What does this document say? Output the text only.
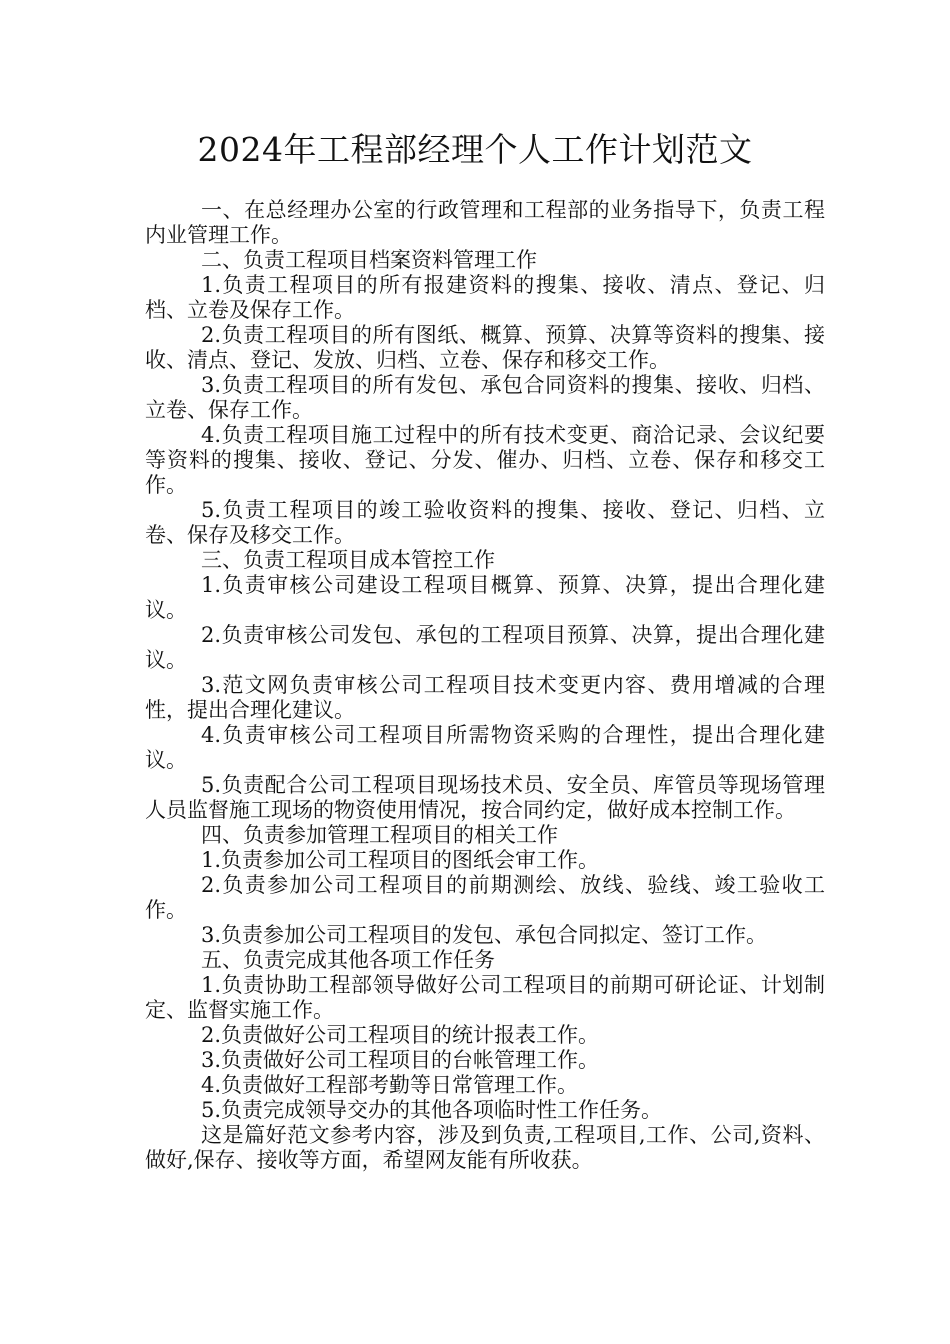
2024年工程部经理个人工作计划范文

一、在总经理办公室的行政管理和工程部的业务指导下，负责工程内业管理工作。

二、负责工程项目档案资料管理工作

1.负责工程项目的所有报建资料的搜集、接收、清点、登记、归档、立卷及保存工作。

2.负责工程项目的所有图纸、概算、预算、决算等资料的搜集、接收、清点、登记、发放、归档、立卷、保存和移交工作。

3.负责工程项目的所有发包、承包合同资料的搜集、接收、归档、立卷、保存工作。

4.负责工程项目施工过程中的所有技术变更、商洽记录、会议纪要等资料的搜集、接收、登记、分发、催办、归档、立卷、保存和移交工作。

5.负责工程项目的竣工验收资料的搜集、接收、登记、归档、立卷、保存及移交工作。

三、负责工程项目成本管控工作

1.负责审核公司建设工程项目概算、预算、决算，提出合理化建议。

2.负责审核公司发包、承包的工程项目预算、决算，提出合理化建议。

3.范文网负责审核公司工程项目技术变更内容、费用增减的合理性，提出合理化建议。

4.负责审核公司工程项目所需物资采购的合理性，提出合理化建议。

5.负责配合公司工程项目现场技术员、安全员、库管员等现场管理人员监督施工现场的物资使用情况，按合同约定，做好成本控制工作。

四、负责参加管理工程项目的相关工作

1.负责参加公司工程项目的图纸会审工作。

2.负责参加公司工程项目的前期测绘、放线、验线、竣工验收工作。

3.负责参加公司工程项目的发包、承包合同拟定、签订工作。

五、负责完成其他各项工作任务

1.负责协助工程部领导做好公司工程项目的前期可研论证、计划制定、监督实施工作。

2.负责做好公司工程项目的统计报表工作。

3.负责做好公司工程项目的台帐管理工作。

4.负责做好工程部考勤等日常管理工作。

5.负责完成领导交办的其他各项临时性工作任务。

这是篇好范文参考内容，涉及到负责,工程项目,工作、公司,资料、做好,保存、接收等方面，希望网友能有所收获。
